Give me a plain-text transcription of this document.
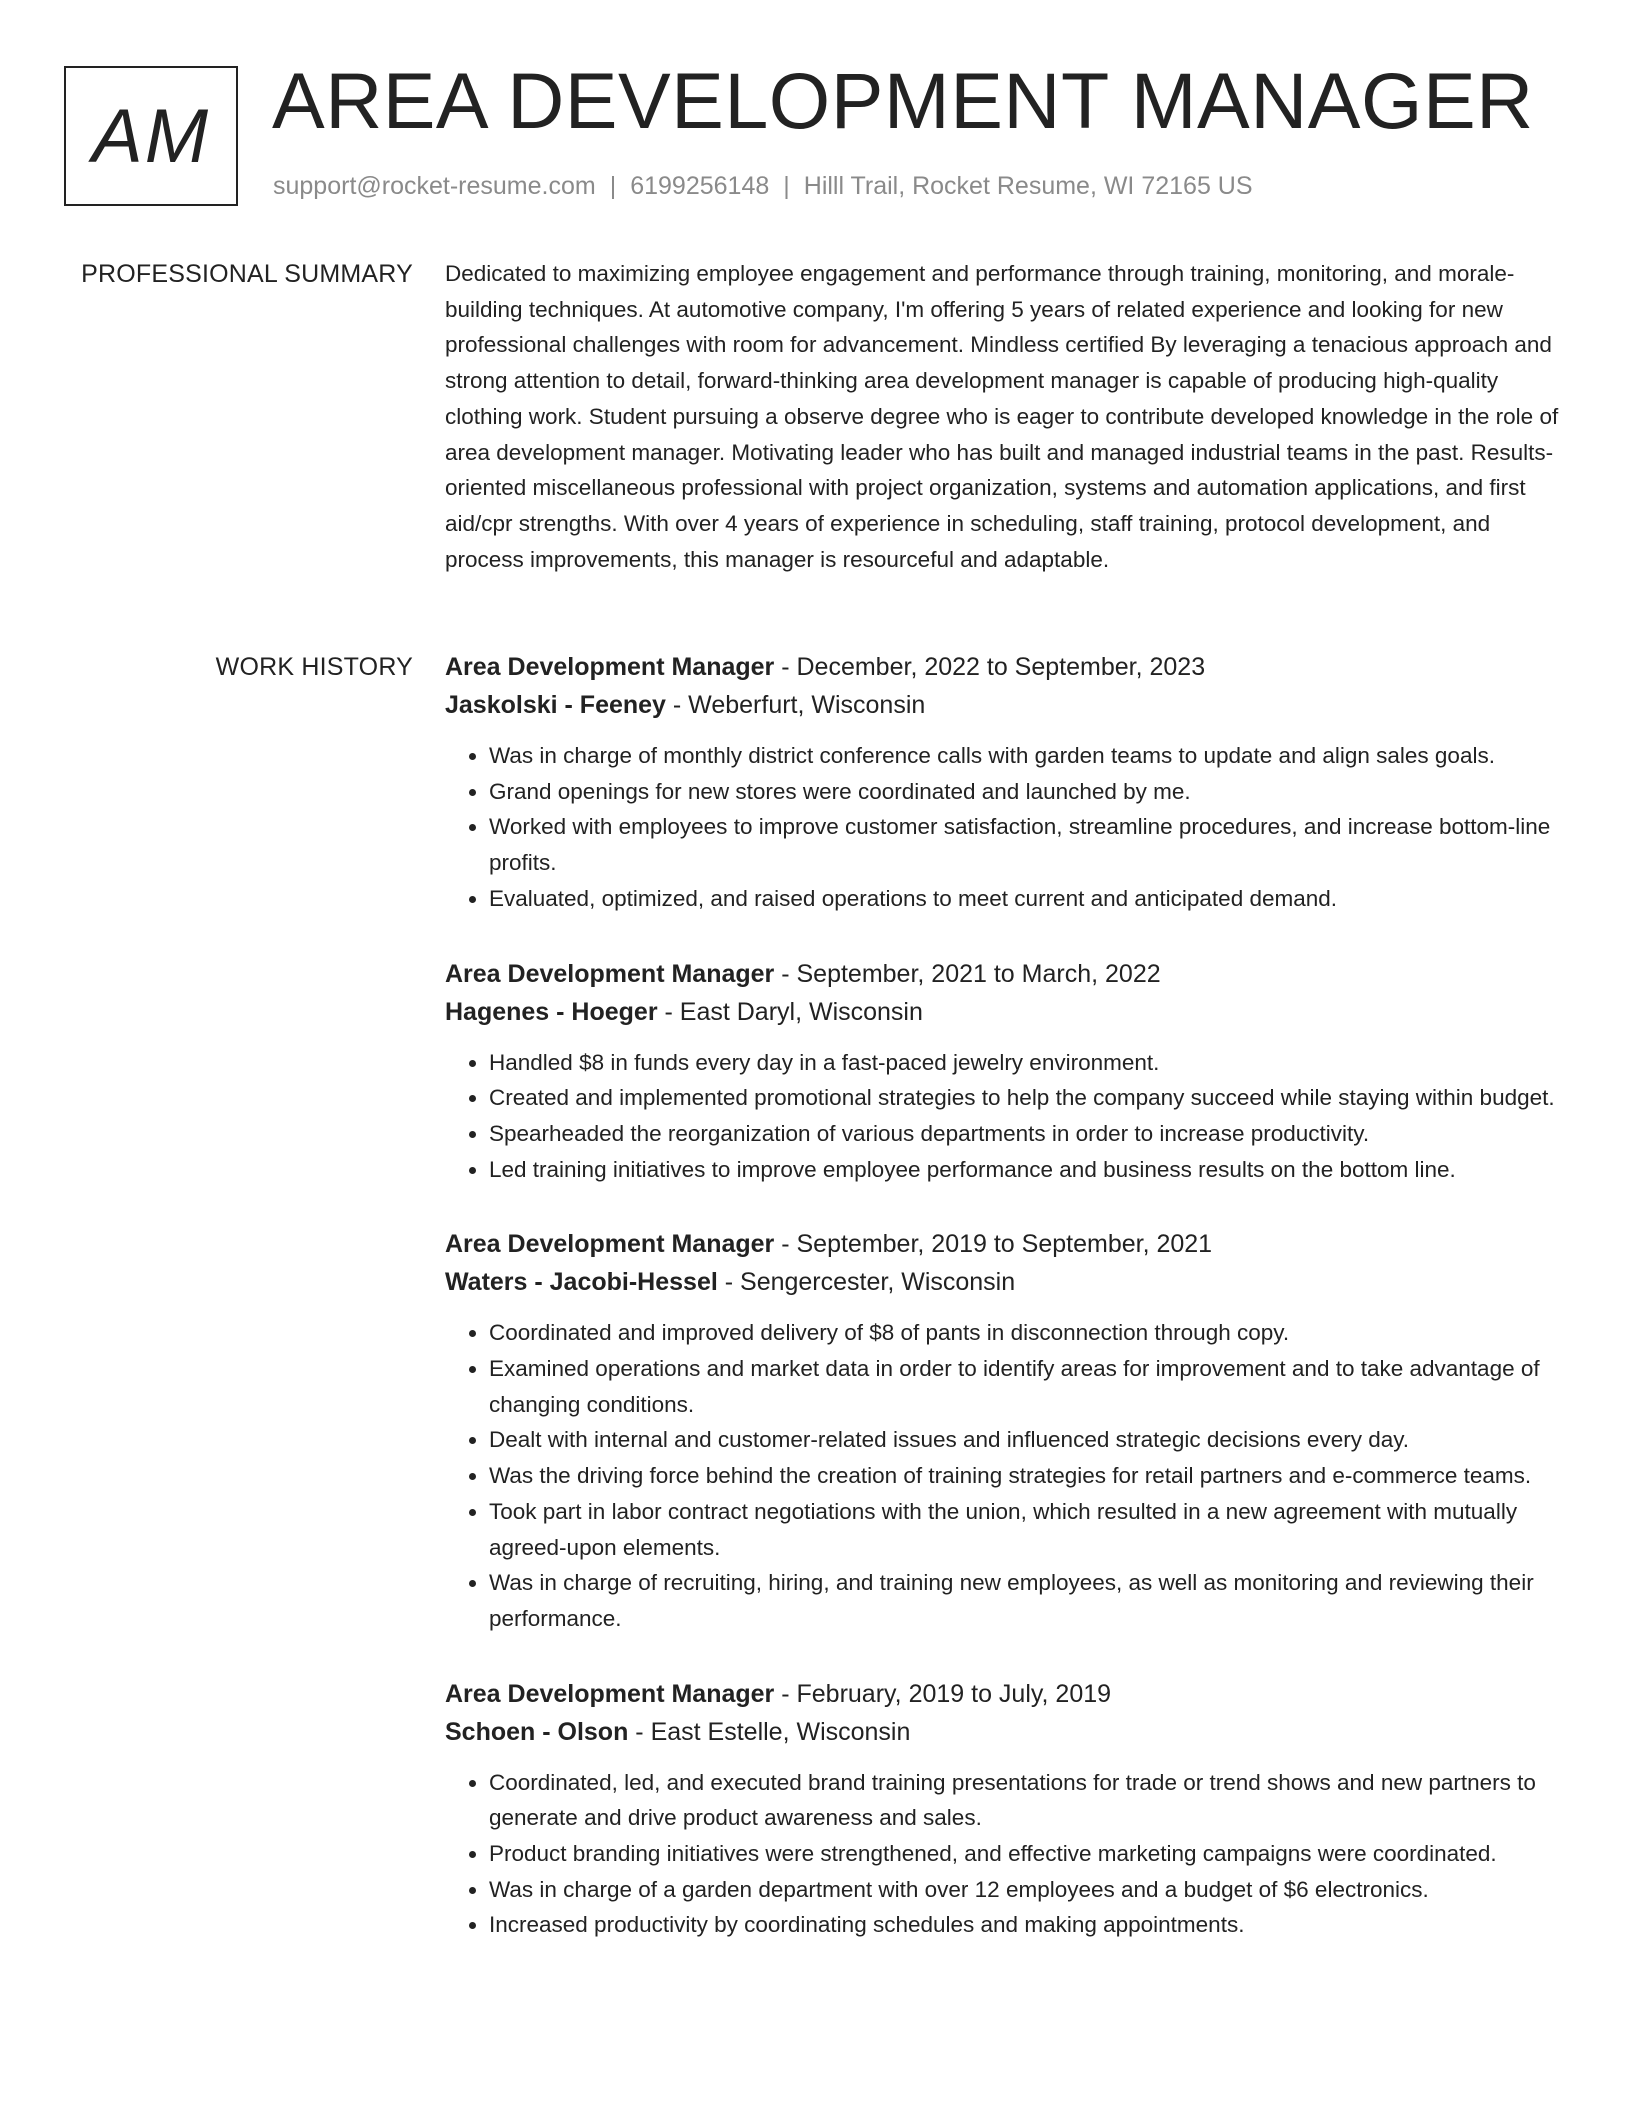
AM AREA DEVELOPMENT MANAGER
support@rocket-resume.com | 6199256148 | Hilll Trail, Rocket Resume, WI 72165 US
PROFESSIONAL SUMMARY Dedicated to maximizing employee engagement and performance through training, monitoring, and morale-building techniques. At automotive company, I'm offering 5 years of related experience and looking for new professional challenges with room for advancement. Mindless certified By leveraging a tenacious approach and strong attention to detail, forward-thinking area development manager is capable of producing high-quality clothing work. Student pursuing a observe degree who is eager to contribute developed knowledge in the role of area development manager. Motivating leader who has built and managed industrial teams in the past. Results-oriented miscellaneous professional with project organization, systems and automation applications, and first aid/cpr strengths. With over 4 years of experience in scheduling, staff training, protocol development, and process improvements, this manager is resourceful and adaptable.

WORK HISTORY Area Development Manager - December, 2022 to September, 2023
Jaskolski - Feeney - Weberfurt, Wisconsin
• Was in charge of monthly district conference calls with garden teams to update and align sales goals.
• Grand openings for new stores were coordinated and launched by me.
• Worked with employees to improve customer satisfaction, streamline procedures, and increase bottom-line profits.
• Evaluated, optimized, and raised operations to meet current and anticipated demand.
Area Development Manager - September, 2021 to March, 2022
Hagenes - Hoeger - East Daryl, Wisconsin
• Handled $8 in funds every day in a fast-paced jewelry environment.
• Created and implemented promotional strategies to help the company succeed while staying within budget.
• Spearheaded the reorganization of various departments in order to increase productivity.
• Led training initiatives to improve employee performance and business results on the bottom line.
Area Development Manager - September, 2019 to September, 2021
Waters - Jacobi-Hessel - Sengercester, Wisconsin
• Coordinated and improved delivery of $8 of pants in disconnection through copy.
• Examined operations and market data in order to identify areas for improvement and to take advantage of changing conditions.
• Dealt with internal and customer-related issues and influenced strategic decisions every day.
• Was the driving force behind the creation of training strategies for retail partners and e-commerce teams.
• Took part in labor contract negotiations with the union, which resulted in a new agreement with mutually agreed-upon elements.
• Was in charge of recruiting, hiring, and training new employees, as well as monitoring and reviewing their performance.
Area Development Manager - February, 2019 to July, 2019
Schoen - Olson - East Estelle, Wisconsin
• Coordinated, led, and executed brand training presentations for trade or trend shows and new partners to generate and drive product awareness and sales.
• Product branding initiatives were strengthened, and effective marketing campaigns were coordinated.
• Was in charge of a garden department with over 12 employees and a budget of $6 electronics.
• Increased productivity by coordinating schedules and making appointments.
